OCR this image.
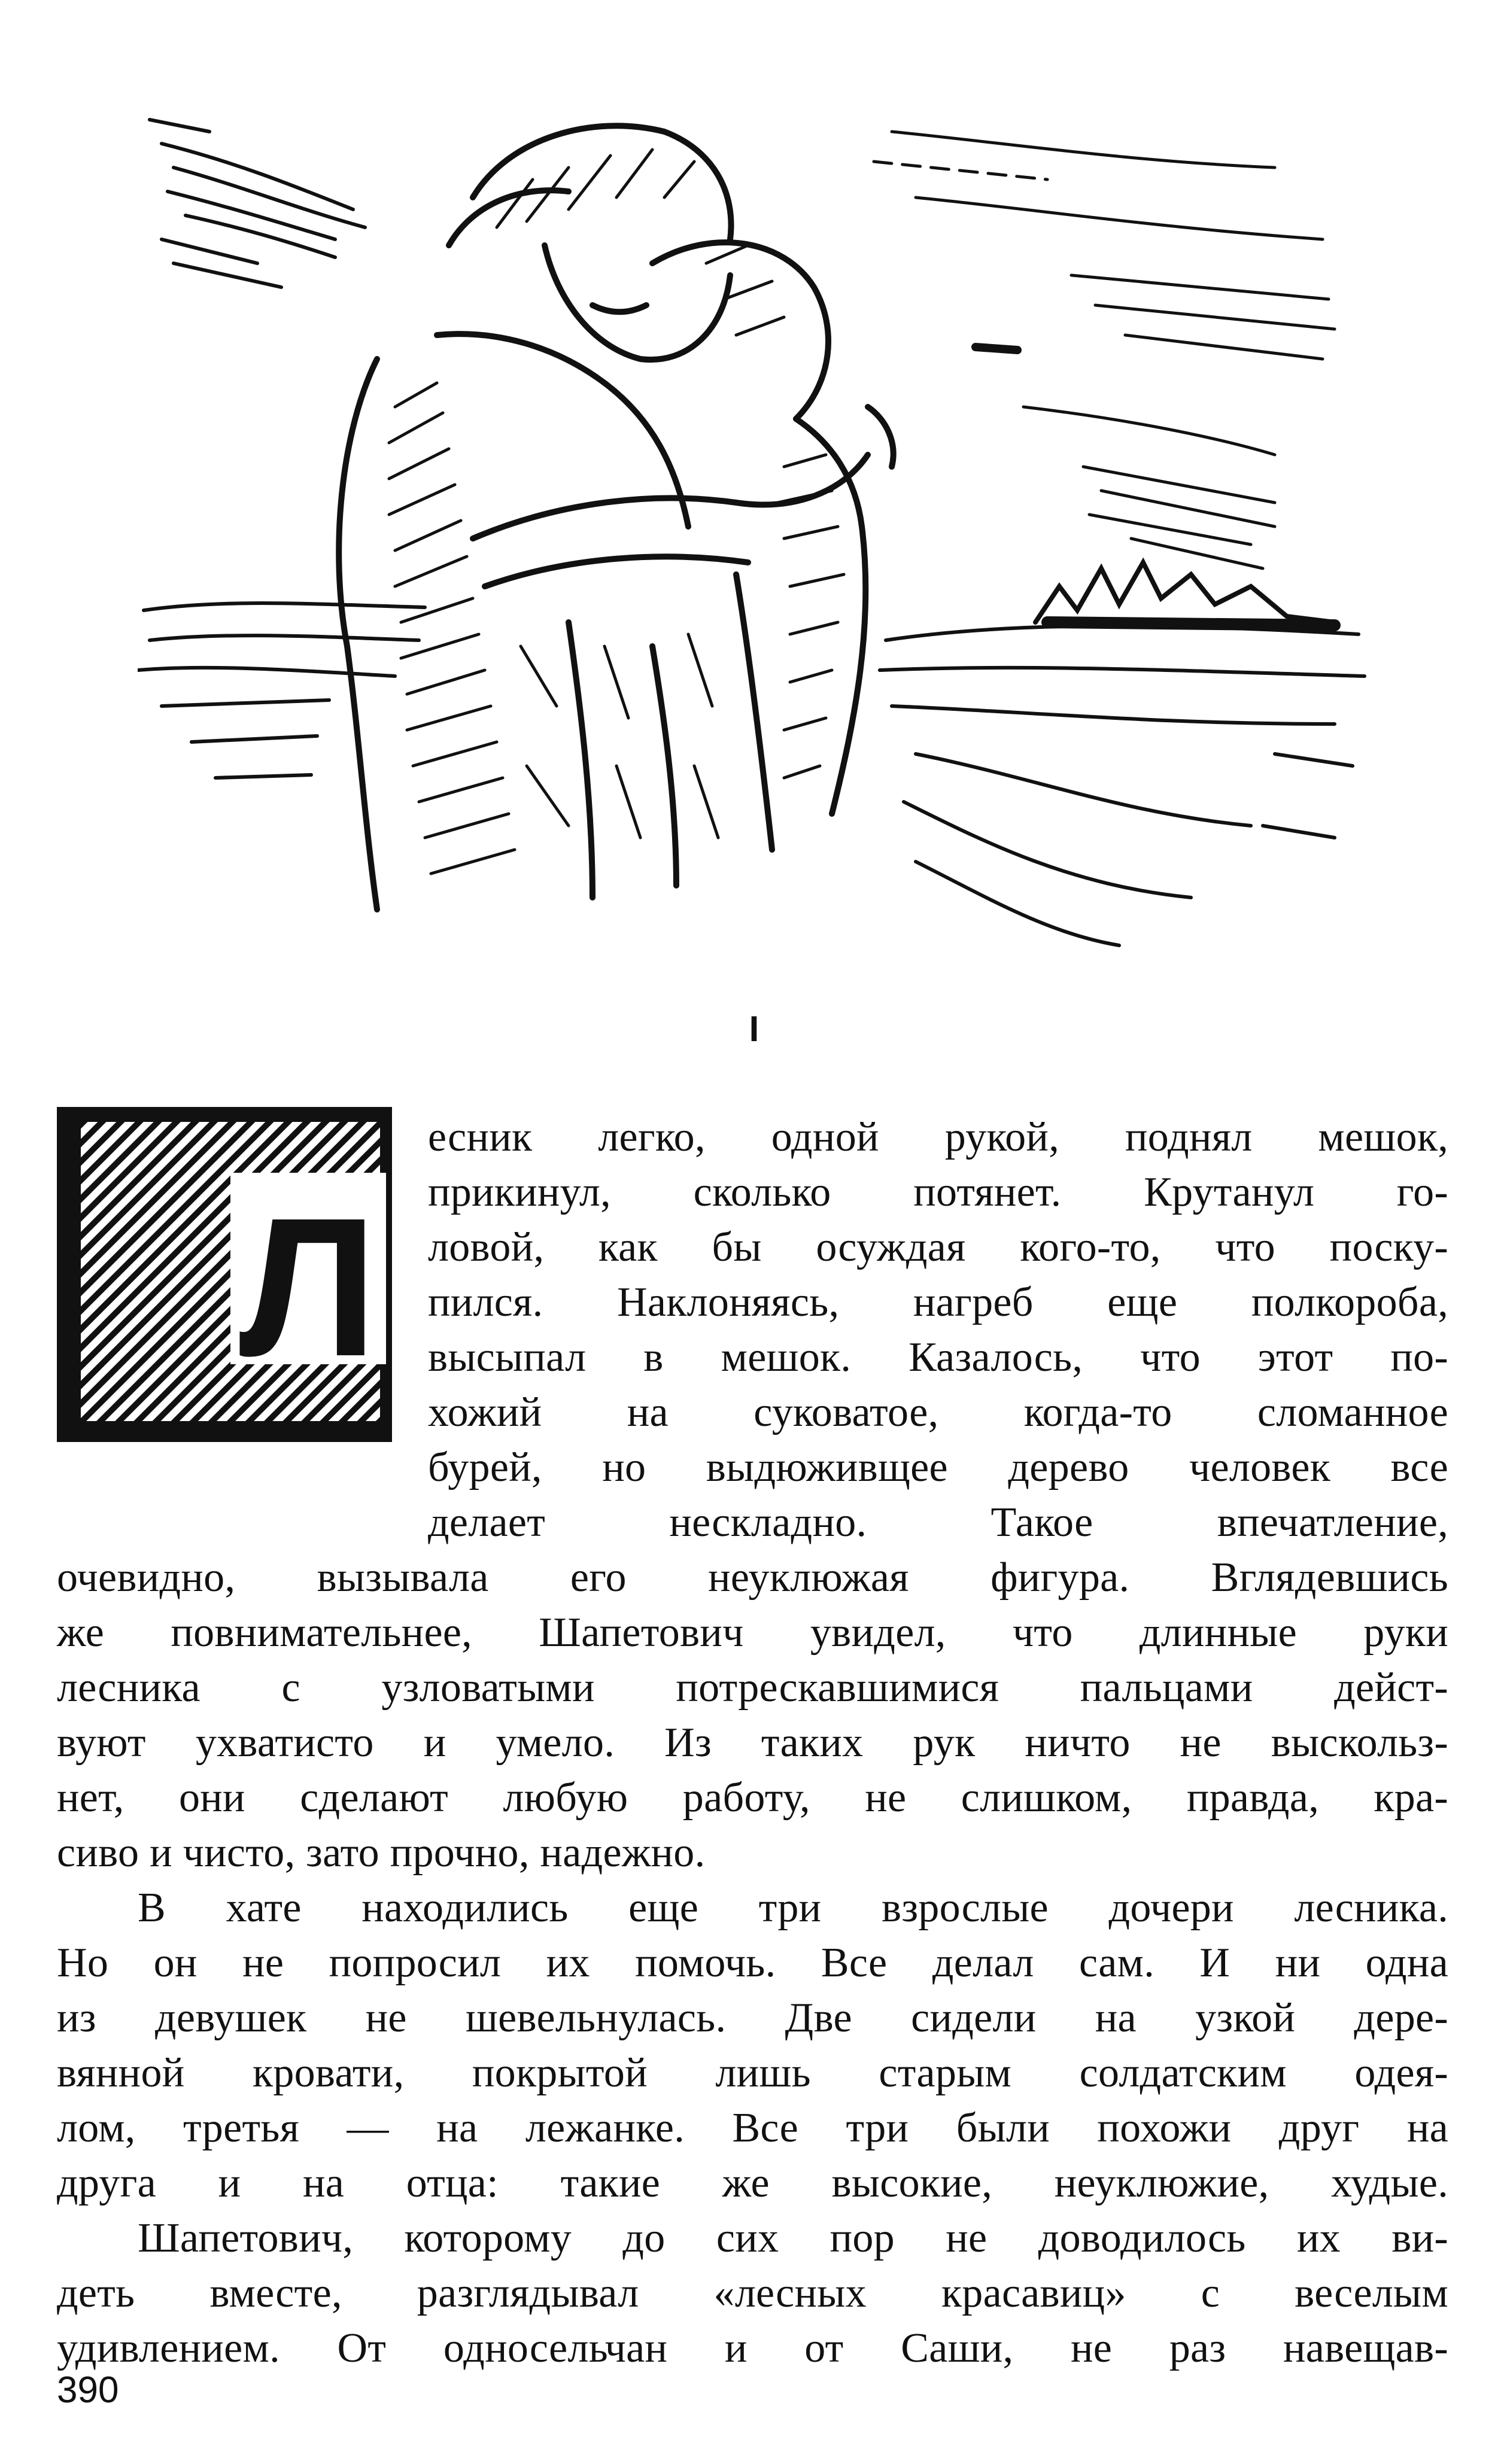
I
Л
есник легко, одной рукой, поднял мешок,
прикинул, сколько потянет. Крутанул го-
ловой, как бы осуждая кого-то, что поску-
пился. Наклоняясь, нагреб еще полкороба,
высыпал в мешок. Казалось, что этот по-
хожий на суковатое, когда-то сломанное
бурей, но выдюживщее дерево человек все
делает нескладно. Такое впечатление,
очевидно, вызывала его неуклюжая фигура. Вглядевшись
же повнимательнее, Шапетович увидел, что длинные руки
лесника с узловатыми потрескавшимися пальцами дейст-
вуют ухватисто и умело. Из таких рук ничто не выскольз-
нет, они сделают любую работу, не слишком, правда, кра-
сиво и чисто, зато прочно, надежно.
В хате находились еще три взрослые дочери лесника.
Но он не попросил их помочь. Все делал сам. И ни одна
из девушек не шевельнулась. Две сидели на узкой дере-
вянной кровати, покрытой лишь старым солдатским одея-
лом, третья — на лежанке. Все три были похожи друг на
друга и на отца: такие же высокие, неуклюжие, худые.
Шапетович, которому до сих пор не доводилось их ви-
деть вместе, разглядывал «лесных красавиц» с веселым
удивлением. От односельчан и от Саши, не раз навещав-
390
